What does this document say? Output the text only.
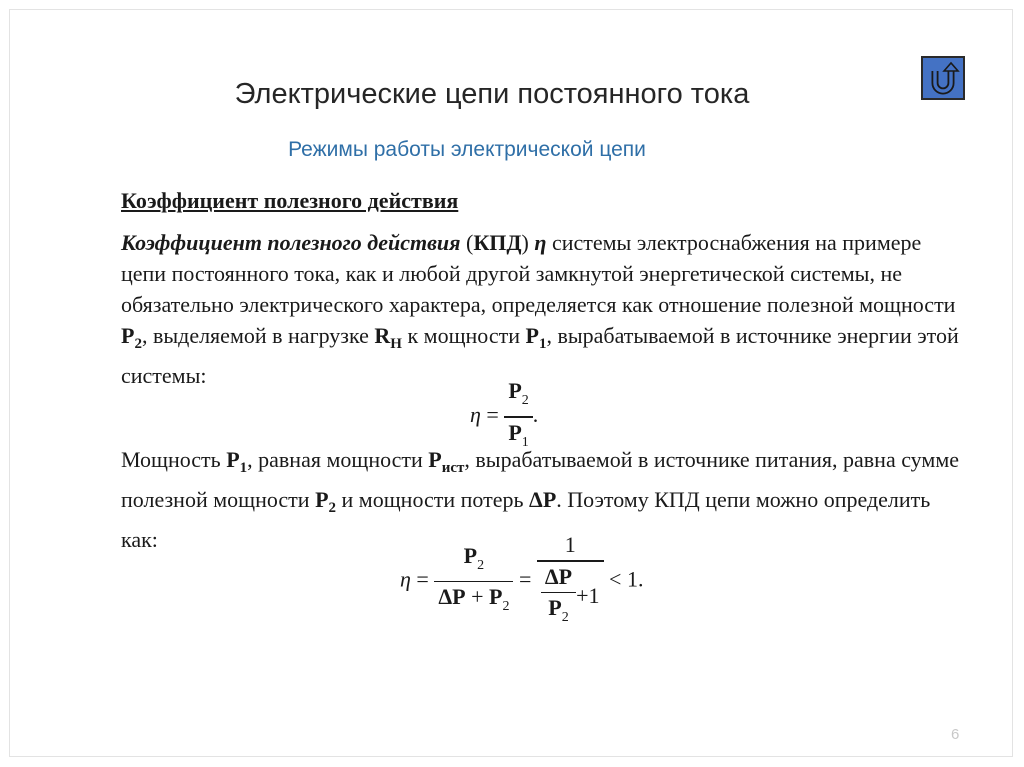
Электрические цепи постоянного тока
Режимы работы электрической цепи
Коэффициент полезного действия
Коэффициент полезного действия (КПД) η системы электроснабжения на примере цепи постоянного тока, как и любой другой замкнутой энергетической системы, не обязательно электрического характера, определяется как отношение полезной мощности $P_2$, выделяемой в нагрузке $R_Н$ к мощности $P_1$, вырабатываемой в источнике энергии этой системы:
$\eta = \frac{P_2}{P_1}$ .
Мощность $P_1$, равная мощности $P_{ист}$, вырабатываемой в источнике питания, равна сумме полезной мощности $P_2$ и мощности потерь ΔP. Поэтому КПД цепи можно определить как:
$\eta = \frac{P_2}{\Delta P + P_2} = \frac{1}{\frac{\Delta P}{P_2} +1} < 1$.
6
